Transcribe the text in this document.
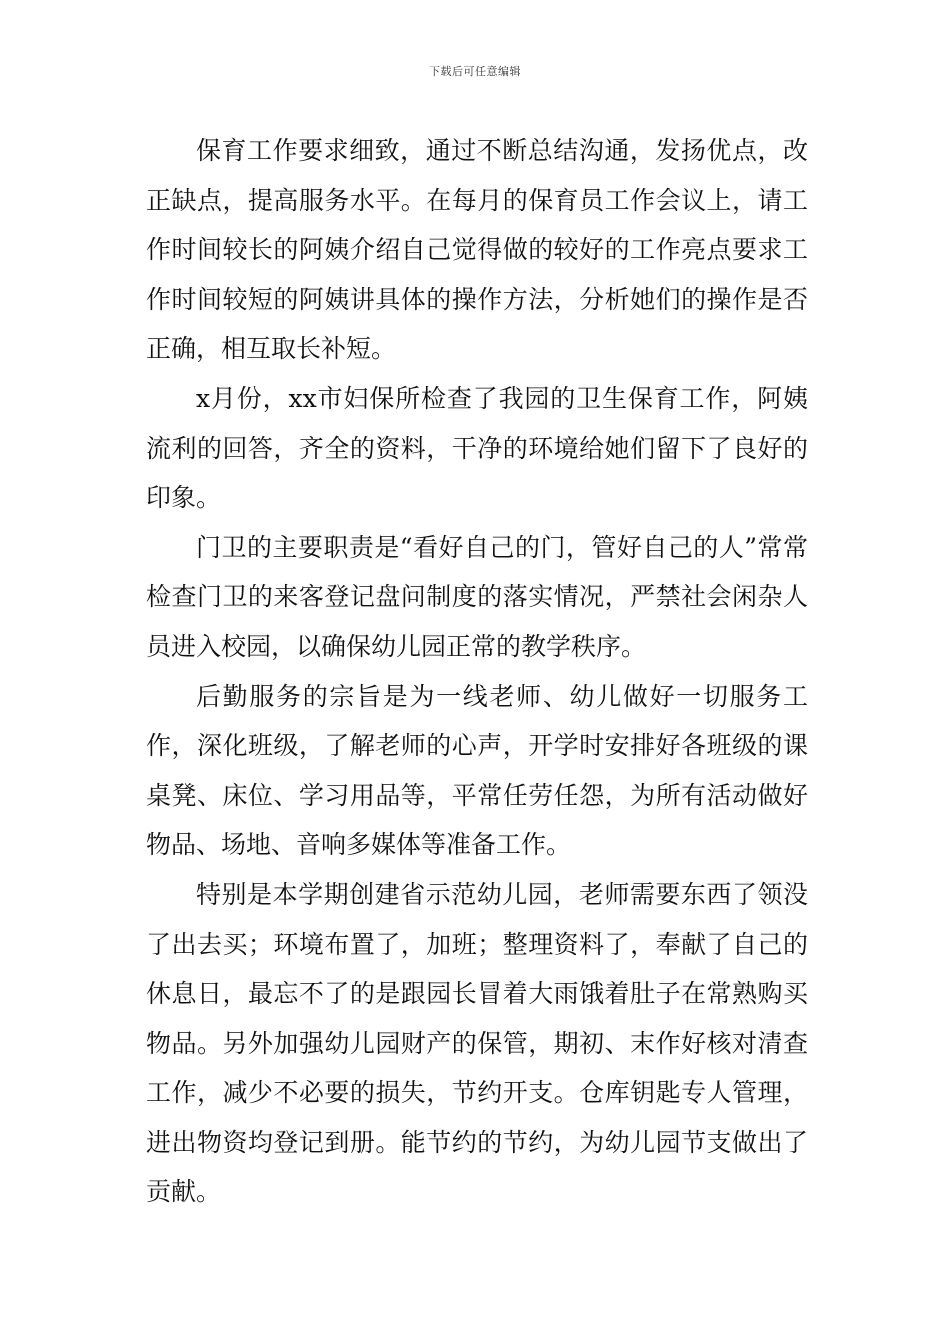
下载后可任意编辑

保育工作要求细致，通过不断总结沟通，发扬优点，改正缺点，提高服务水平。在每月的保育员工作会议上，请工作时间较长的阿姨介绍自己觉得做的较好的工作亮点要求工作时间较短的阿姨讲具体的操作方法，分析她们的操作是否正确，相互取长补短。

x月份，xx市妇保所检查了我园的卫生保育工作，阿姨流利的回答，齐全的资料，干净的环境给她们留下了良好的印象。

门卫的主要职责是“看好自己的门，管好自己的人”常常检查门卫的来客登记盘问制度的落实情况，严禁社会闲杂人员进入校园，以确保幼儿园正常的教学秩序。

后勤服务的宗旨是为一线老师、幼儿做好一切服务工作，深化班级，了解老师的心声，开学时安排好各班级的课桌凳、床位、学习用品等，平常任劳任怨，为所有活动做好物品、场地、音响多媒体等准备工作。

特别是本学期创建省示范幼儿园，老师需要东西了领没了出去买；环境布置了，加班；整理资料了，奉献了自己的休息日，最忘不了的是跟园长冒着大雨饿着肚子在常熟购买物品。另外加强幼儿园财产的保管，期初、末作好核对清查工作，减少不必要的损失，节约开支。仓库钥匙专人管理，进出物资均登记到册。能节约的节约，为幼儿园节支做出了贡献。
